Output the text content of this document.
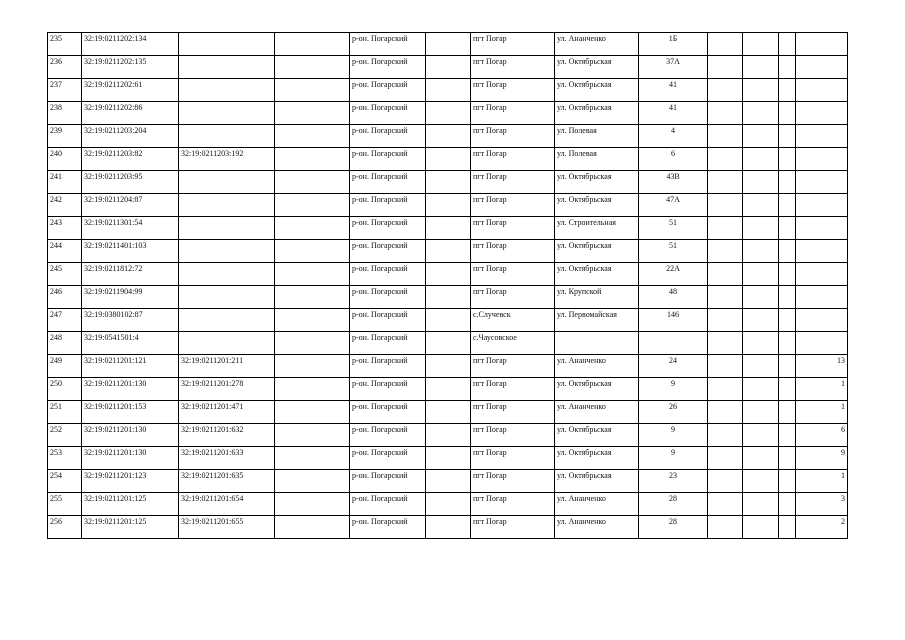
235	32:19:0211202:134			р-он. Погарский		пгт Погар	ул. Ананченко	1Б				
236	32:19:0211202:135			р-он. Погарский		пгт Погар	ул. Октябрьская	37А				
237	32:19:0211202:61			р-он. Погарский		пгт Погар	ул. Октябрьская	41				
238	32:19:0211202:86			р-он. Погарский		пгт Погар	ул. Октябрьская	41				
239	32:19:0211203:204			р-он. Погарский		пгт Погар	ул. Полевая	4				
240	32:19:0211203:82	32:19:0211203:192		р-он. Погарский		пгт Погар	ул. Полевая	6				
241	32:19:0211203:95			р-он. Погарский		пгт Погар	ул. Октябрьская	43В				
242	32:19:0211204:87			р-он. Погарский		пгт Погар	ул. Октябрьская	47А				
243	32:19:0211301:54			р-он. Погарский		пгт Погар	ул. Строительная	51				
244	32:19:0211401:103			р-он. Погарский		пгт Погар	ул. Октябрьская	51				
245	32:19:0211812:72			р-он. Погарский		пгт Погар	ул. Октябрьская	22А				
246	32:19:0211904:99			р-он. Погарский		пгт Погар	ул. Крупской	48				
247	32:19:0380102:87			р-он. Погарский		с.Случевск	ул. Первомайская	146				
248	32:19:0541501:4			р-он. Погарский		с.Чаусовское						
249	32:19:0211201:121	32:19:0211201:211		р-он. Погарский		пгт Погар	ул. Ананченко	24				13
250	32:19:0211201:130	32:19:0211201:278		р-он. Погарский		пгт Погар	ул. Октябрьская	9				1
251	32:19:0211201:153	32:19:0211201:471		р-он. Погарский		пгт Погар	ул. Ананченко	26				1
252	32:19:0211201:130	32:19:0211201:632		р-он. Погарский		пгт Погар	ул. Октябрьская	9				6
253	32:19:0211201:130	32:19:0211201:633		р-он. Погарский		пгт Погар	ул. Октябрьская	9				9
254	32:19:0211201:123	32:19:0211201:635		р-он. Погарский		пгт Погар	ул. Октябрьская	23				1
255	32:19:0211201:125	32:19:0211201:654		р-он. Погарский		пгт Погар	ул. Ананченко	28				3
256	32:19:0211201:125	32:19:0211201:655		р-он. Погарский		пгт Погар	ул. Ананченко	28				2
